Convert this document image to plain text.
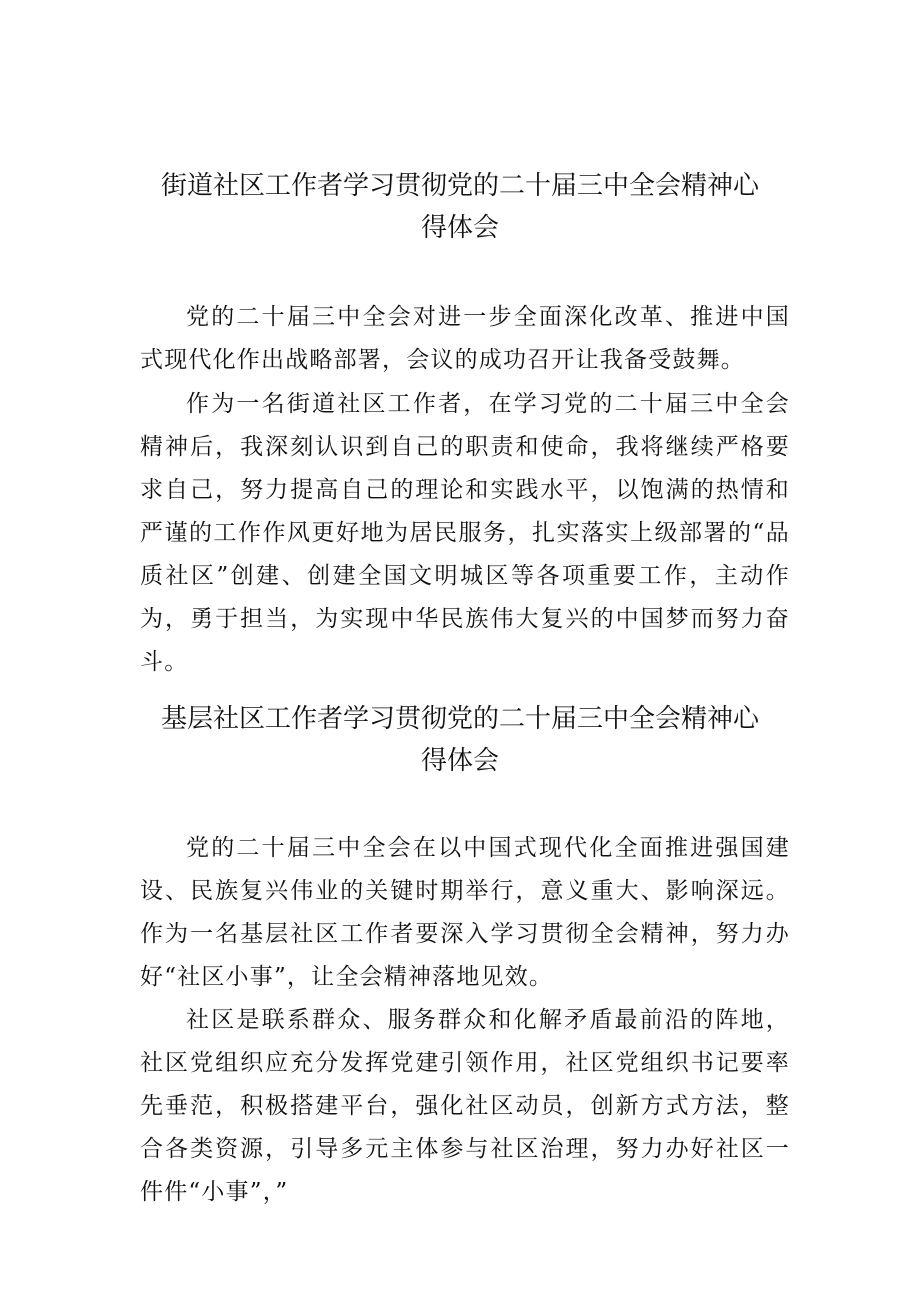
街道社区工作者学习贯彻党的二十届三中全会精神心
得体会

党的二十届三中全会对进一步全面深化改革、推进中国式现代化作出战略部署，会议的成功召开让我备受鼓舞。

作为一名街道社区工作者，在学习党的二十届三中全会精神后，我深刻认识到自己的职责和使命，我将继续严格要求自己，努力提高自己的理论和实践水平，以饱满的热情和严谨的工作作风更好地为居民服务，扎实落实上级部署的“品质社区”创建、创建全国文明城区等各项重要工作，主动作为，勇于担当，为实现中华民族伟大复兴的中国梦而努力奋斗。

基层社区工作者学习贯彻党的二十届三中全会精神心
得体会

党的二十届三中全会在以中国式现代化全面推进强国建设、民族复兴伟业的关键时期举行，意义重大、影响深远。作为一名基层社区工作者要深入学习贯彻全会精神，努力办好“社区小事”，让全会精神落地见效。

社区是联系群众、服务群众和化解矛盾最前沿的阵地，社区党组织应充分发挥党建引领作用，社区党组织书记要率先垂范，积极搭建平台，强化社区动员，创新方式方法，整合各类资源，引导多元主体参与社区治理，努力办好社区一件件“小事”，”
